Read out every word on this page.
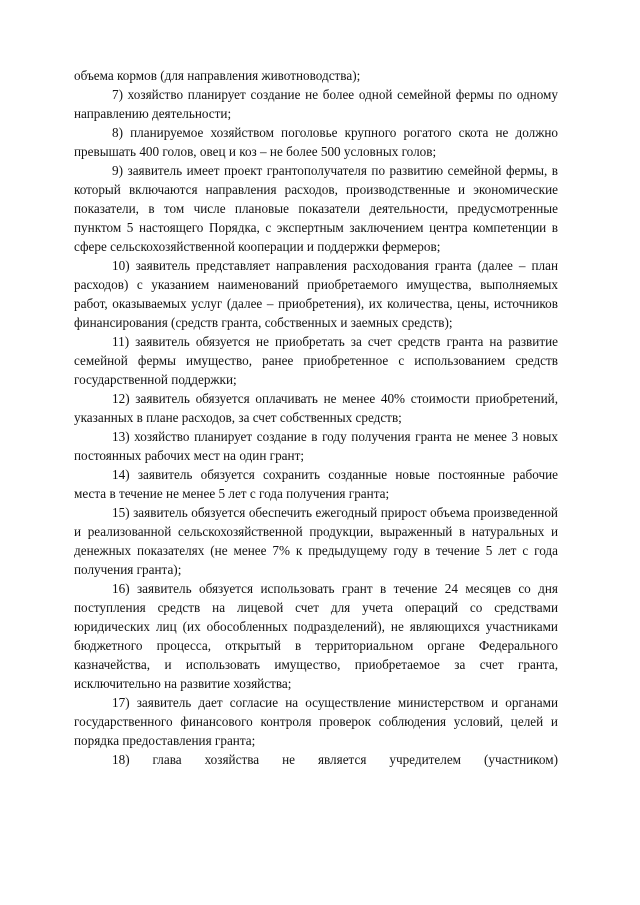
объема кормов (для направления животноводства);

7) хозяйство планирует создание не более одной семейной фермы по одному направлению деятельности;

8) планируемое хозяйством поголовье крупного рогатого скота не должно превышать 400 голов, овец и коз – не более 500 условных голов;

9) заявитель имеет проект грантополучателя по развитию семейной фермы, в который включаются направления расходов, производственные и экономические показатели, в том числе плановые показатели деятельности, предусмотренные пунктом 5 настоящего Порядка, с экспертным заключением центра компетенции в сфере сельскохозяйственной кооперации и поддержки фермеров;

10) заявитель представляет направления расходования гранта (далее – план расходов) с указанием наименований приобретаемого имущества, выполняемых работ, оказываемых услуг (далее – приобретения), их количества, цены, источников финансирования (средств гранта, собственных и заемных средств);

11) заявитель обязуется не приобретать за счет средств гранта на развитие семейной фермы имущество, ранее приобретенное с использованием средств государственной поддержки;

12) заявитель обязуется оплачивать не менее 40% стоимости приобретений, указанных в плане расходов, за счет собственных средств;

13) хозяйство планирует создание в году получения гранта не менее 3 новых постоянных рабочих мест на один грант;

14) заявитель обязуется сохранить созданные новые постоянные рабочие места в течение не менее 5 лет с года получения гранта;

15) заявитель обязуется обеспечить ежегодный прирост объема произведенной и реализованной сельскохозяйственной продукции, выраженный в натуральных и денежных показателях (не менее 7% к предыдущему году в течение 5 лет с года получения гранта);

16) заявитель обязуется использовать грант в течение 24 месяцев со дня поступления средств на лицевой счет для учета операций со средствами юридических лиц (их обособленных подразделений), не являющихся участниками бюджетного процесса, открытый в территориальном органе Федерального казначейства, и использовать имущество, приобретаемое за счет гранта, исключительно на развитие хозяйства;

17) заявитель дает согласие на осуществление министерством и органами государственного финансового контроля проверок соблюдения условий, целей и порядка предоставления гранта;

18) глава хозяйства не является учредителем (участником)
